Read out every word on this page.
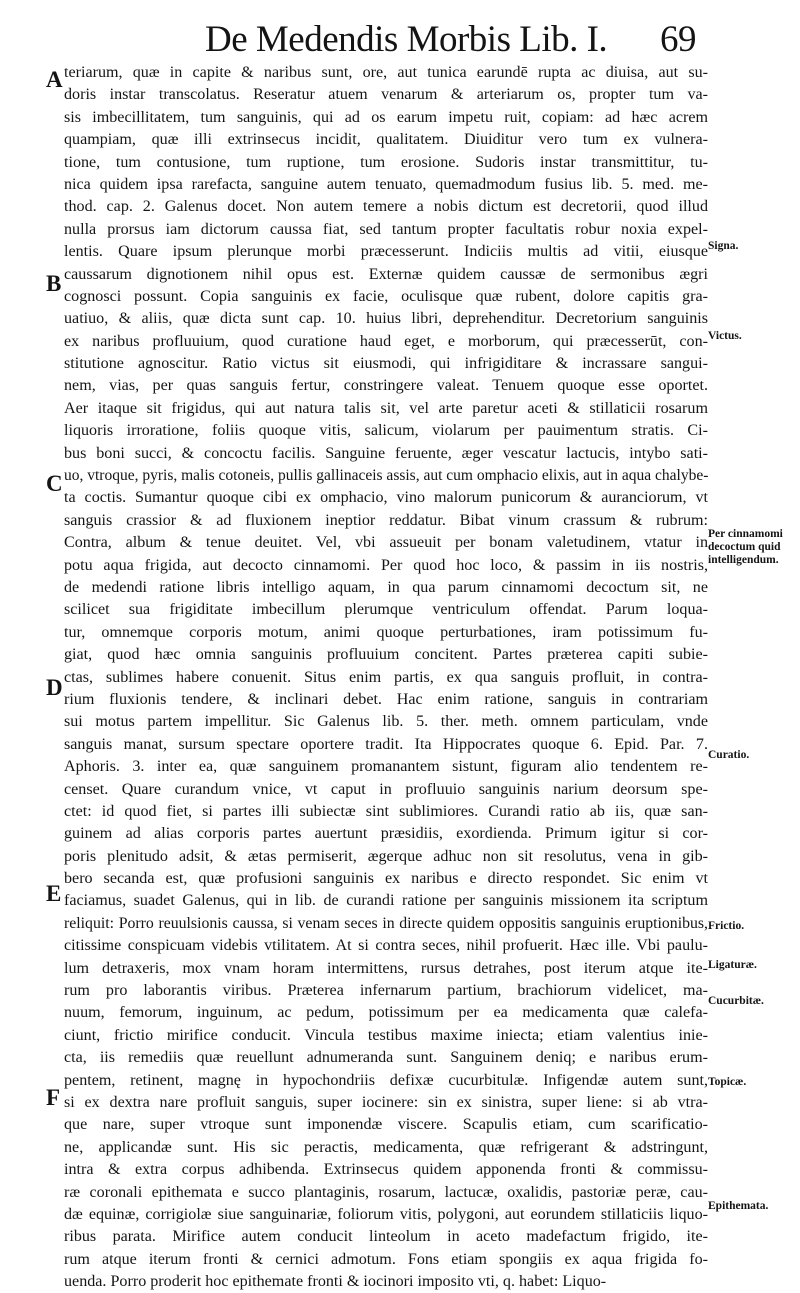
De Medendis Morbis Lib. I. 69
A
B
C
D
E
F
Signa.
Victus.
Per cinnamomi decoctum quid intelligendum.
Curatio.
Frictio.
Ligaturæ.
Cucurbitæ.
Topicæ.
Epithemata.
teriarum, quæ in capite & naribus sunt, ore, aut tunica earundē rupta ac diuisa, aut su-
doris instar transcolatus. Reseratur atuem venarum & arteriarum os, propter tum va-
sis imbecillitatem, tum sanguinis, qui ad os earum impetu ruit, copiam: ad hæc acrem
quampiam, quæ illi extrinsecus incidit, qualitatem. Diuiditur vero tum ex vulnera-
tione, tum contusione, tum ruptione, tum erosione. Sudoris instar transmittitur, tu-
nica quidem ipsa rarefacta, sanguine autem tenuato, quemadmodum fusius lib. 5. med. me-
thod. cap. 2. Galenus docet. Non autem temere a nobis dictum est decretorii, quod illud
nulla prorsus iam dictorum caussa fiat, sed tantum propter facultatis robur noxia expel-
lentis. Quare ipsum plerunque morbi præcesserunt. Indiciis multis ad vitii, eiusque
caussarum dignotionem nihil opus est. Externæ quidem caussæ de sermonibus ægri
cognosci possunt. Copia sanguinis ex facie, oculisque quæ rubent, dolore capitis gra-
uatiuo, & aliis, quæ dicta sunt cap. 10. huius libri, deprehenditur. Decretorium sanguinis
ex naribus profluuium, quod curatione haud eget, e morborum, qui præcesserūt, con-
stitutione agnoscitur. Ratio victus sit eiusmodi, qui infrigiditare & incrassare sangui-
nem, vias, per quas sanguis fertur, constringere valeat. Tenuem quoque esse oportet.
Aer itaque sit frigidus, qui aut natura talis sit, vel arte paretur aceti & stillaticii rosarum
liquoris irroratione, foliis quoque vitis, salicum, violarum per pauimentum stratis. Ci-
bus boni succi, & concoctu facilis. Sanguine feruente, æger vescatur lactucis, intybo sati-
uo, vtroque, pyris, malis cotoneis, pullis gallinaceis assis, aut cum omphacio elixis, aut in aqua chalybe-
ta coctis. Sumantur quoque cibi ex omphacio, vino malorum punicorum & auranciorum, vt
sanguis crassior & ad fluxionem ineptior reddatur. Bibat vinum crassum & rubrum:
Contra, album & tenue deuitet. Vel, vbi assueuit per bonam valetudinem, vtatur in
potu aqua frigida, aut decocto cinnamomi. Per quod hoc loco, & passim in iis nostris,
de medendi ratione libris intelligo aquam, in qua parum cinnamomi decoctum sit, ne
scilicet sua frigiditate imbecillum plerumque ventriculum offendat. Parum loqua-
tur, omnemque corporis motum, animi quoque perturbationes, iram potissimum fu-
giat, quod hæc omnia sanguinis profluuium concitent. Partes præterea capiti subie-
ctas, sublimes habere conuenit. Situs enim partis, ex qua sanguis profluit, in contra-
rium fluxionis tendere, & inclinari debet. Hac enim ratione, sanguis in contrariam
sui motus partem impellitur. Sic Galenus lib. 5. ther. meth. omnem particulam, vnde
sanguis manat, sursum spectare oportere tradit. Ita Hippocrates quoque 6. Epid. Par. 7.
Aphoris. 3. inter ea, quæ sanguinem promanantem sistunt, figuram alio tendentem re-
censet. Quare curandum vnice, vt caput in profluuio sanguinis narium deorsum spe-
ctet: id quod fiet, si partes illi subiectæ sint sublimiores. Curandi ratio ab iis, quæ san-
guinem ad alias corporis partes auertunt præsidiis, exordienda. Primum igitur si cor-
poris plenitudo adsit, & ætas permiserit, ægerque adhuc non sit resolutus, vena in gib-
bero secanda est, quæ profusioni sanguinis ex naribus e directo respondet. Sic enim vt
faciamus, suadet Galenus, qui in lib. de curandi ratione per sanguinis missionem ita scriptum
reliquit: Porro reuulsionis caussa, si venam seces in directe quidem oppositis sanguinis eruptionibus,
citissime conspicuam videbis vtilitatem. At si contra seces, nihil profuerit. Hæc ille. Vbi paulu-
lum detraxeris, mox vnam horam intermittens, rursus detrahes, post iterum atque ite-
rum pro laborantis viribus. Præterea infernarum partium, brachiorum videlicet, ma-
nuum, femorum, inguinum, ac pedum, potissimum per ea medicamenta quæ calefa-
ciunt, frictio mirifice conducit. Vincula testibus maxime iniecta; etiam valentius inie-
cta, iis remediis quæ reuellunt adnumeranda sunt. Sanguinem deniq; e naribus erum-
pentem, retinent, magnę in hypochondriis defixæ cucurbitulæ. Infigendæ autem sunt,
si ex dextra nare profluit sanguis, super iocinere: sin ex sinistra, super liene: si ab vtra-
que nare, super vtroque sunt imponendæ viscere. Scapulis etiam, cum scarificatio-
ne, applicandæ sunt. His sic peractis, medicamenta, quæ refrigerant & adstringunt,
intra & extra corpus adhibenda. Extrinsecus quidem apponenda fronti & commissu-
ræ coronali epithemata e succo plantaginis, rosarum, lactucæ, oxalidis, pastoriæ peræ, cau-
dæ equinæ, corrigiolæ siue sanguinariæ, foliorum vitis, polygoni, aut eorundem stillaticiis liquo-
ribus parata. Mirifice autem conducit linteolum in aceto madefactum frigido, ite-
rum atque iterum fronti & cernici admotum. Fons etiam spongiis ex aqua frigida fo-
uenda. Porro proderit hoc epithemate fronti & iocinori imposito vti, q. habet: Liquo-
